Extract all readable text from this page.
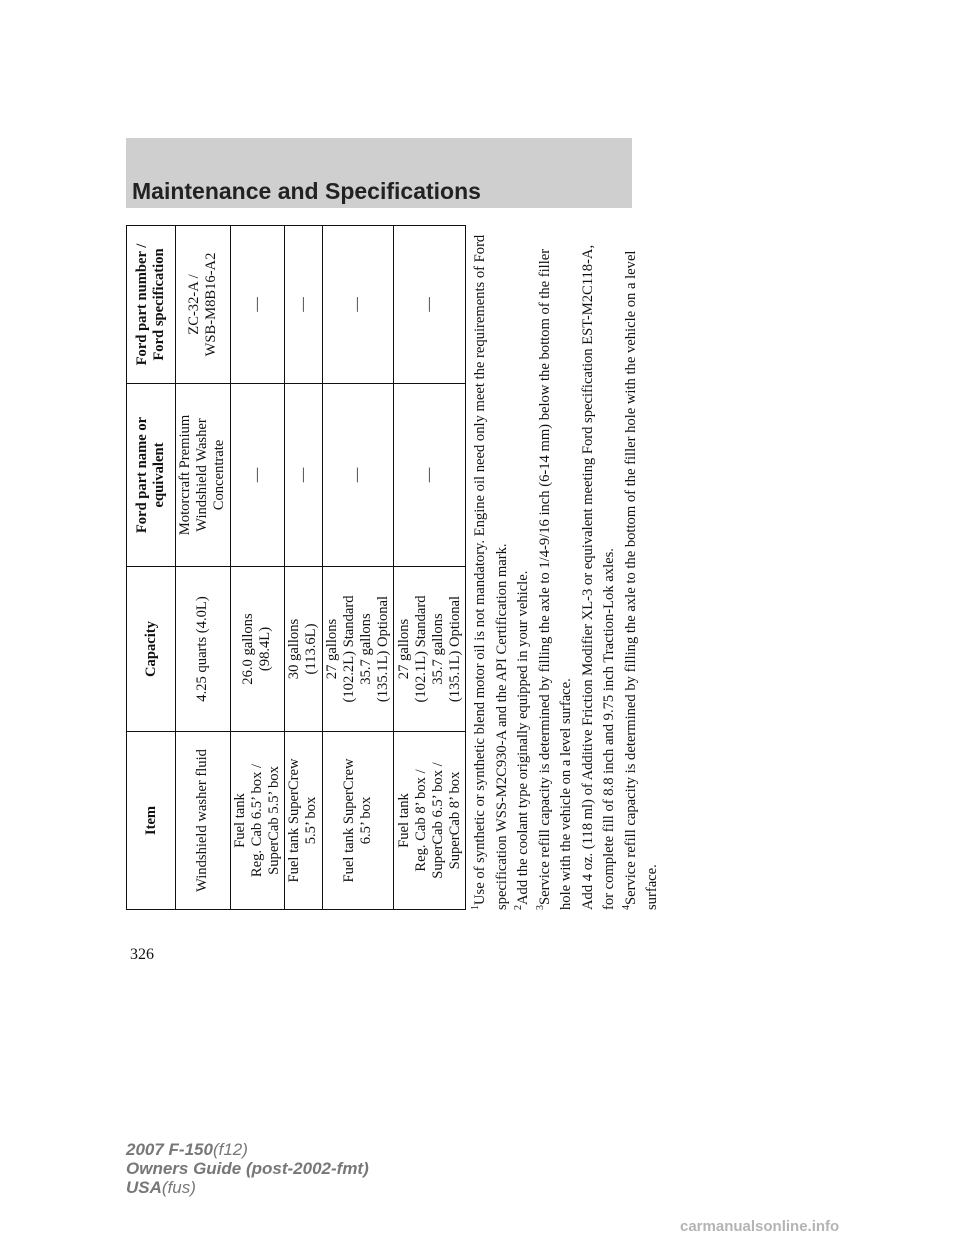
Maintenance and Specifications
Item	Capacity	Ford part name or equivalent	Ford part number / Ford specification

Windshield washer fluid	4.25 quarts (4.0L)	Motorcraft Premium Windshield Washer Concentrate	ZC-32-A / WSB-M8B16-A2

Fuel tank Reg. Cab 6.5’ box / SuperCab 5.5’ box	26.0 gallons (98.4L)	—	—

Fuel tank SuperCrew 5.5’ box	30 gallons (113.6L)	—	—

Fuel tank SuperCrew 6.5’ box	27 gallons (102.2L) Standard 35.7 gallons (135.1L) Optional	—	—

Fuel tank Reg. Cab 8’ box / SuperCab 6.5’ box / SuperCab 8’ box	27 gallons (102.1L) Standard 35.7 gallons (135.1L) Optional	—	—

$^1$Use of synthetic or synthetic blend motor oil is not mandatory. Engine oil need only meet the requirements of Ford specification WSS-M2C930-A and the API Certification mark. $^2$Add the coolant type originally equipped in your vehicle.

$^3$Service refill capacity is determined by filling the axle to 1/4-9/16 inch (6-14 mm) below the bottom of the filler hole with the vehicle on a level surface. Add 4 oz. (118 ml) of Additive Friction Modifier XL-3 or equivalent meeting Ford specification EST-M2C118-A, for complete fill of 8.8 inch and 9.75 inch Traction-Lok axles. $^4$Service refill capacity is determined by filling the axle to the bottom of the filler hole with the vehicle on a level surface.

326
2007 F-150(f12)
Owners Guide (post-2002-fmt)
USA(fus)
carmanualsonline.info
